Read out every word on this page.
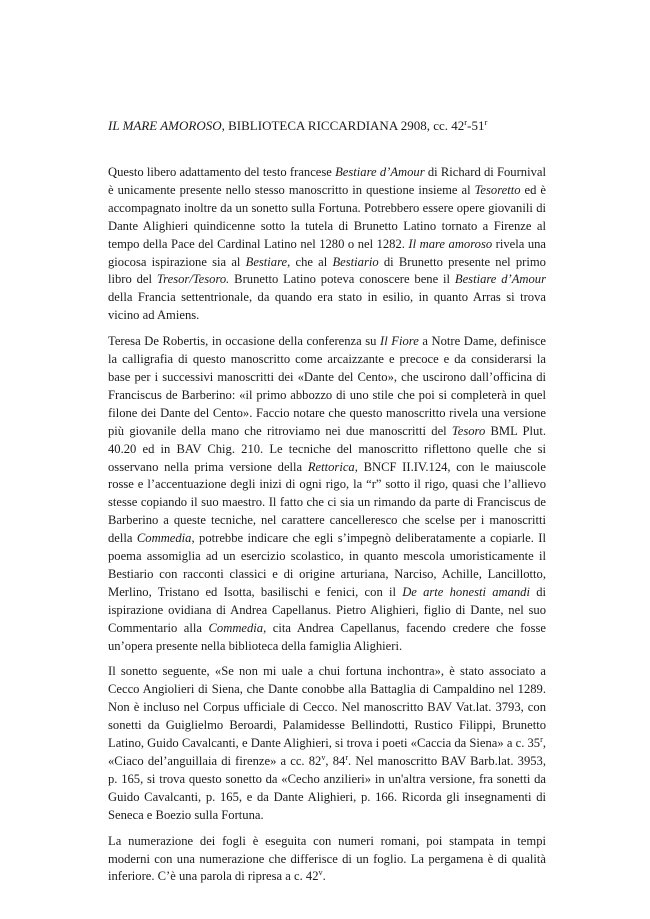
IL MARE AMOROSO, BIBLIOTECA RICCARDIANA 2908, cc. 42$^r$-51$^r$

Questo libero adattamento del testo francese Bestiare d’Amour di Richard di Fournival è unicamente presente nello stesso manoscritto in questione insieme al Tesoretto ed è accompagnato inoltre da un sonetto sulla Fortuna. Potrebbero essere opere giovanili di Dante Alighieri quindicenne sotto la tutela di Brunetto Latino tornato a Firenze al tempo della Pace del Cardinal Latino nel 1280 o nel 1282. Il mare amoroso rivela una giocosa ispirazione sia al Bestiare, che al Bestiario di Brunetto presente nel primo libro del Tresor/Tesoro. Brunetto Latino poteva conoscere bene il Bestiare d’Amour della Francia settentrionale, da quando era stato in esilio, in quanto Arras si trova vicino ad Amiens.

Teresa De Robertis, in occasione della conferenza su Il Fiore a Notre Dame, definisce la calligrafia di questo manoscritto come arcaizzante e precoce e da considerarsi la base per i successivi manoscritti dei «Dante del Cento», che uscirono dall’officina di Franciscus de Barberino: «il primo abbozzo di uno stile che poi si completerà in quel filone dei Dante del Cento». Faccio notare che questo manoscritto rivela una versione più giovanile della mano che ritroviamo nei due manoscritti del Tesoro BML Plut. 40.20 ed in BAV Chig. 210. Le tecniche del manoscritto riflettono quelle che si osservano nella prima versione della Rettorica, BNCF II.IV.124, con le maiuscole rosse e l’accentuazione degli inizi di ogni rigo, la “r” sotto il rigo, quasi che l’allievo stesse copiando il suo maestro. Il fatto che ci sia un rimando da parte di Franciscus de Barberino a queste tecniche, nel carattere cancelleresco che scelse per i manoscritti della Commedia, potrebbe indicare che egli s’impegnò deliberatamente a copiarle. Il poema assomiglia ad un esercizio scolastico, in quanto mescola umoristicamente il Bestiario con racconti classici e di origine arturiana, Narciso, Achille, Lancillotto, Merlino, Tristano ed Isotta, basilischi e fenici, con il De arte honesti amandi di ispirazione ovidiana di Andrea Capellanus. Pietro Alighieri, figlio di Dante, nel suo Commentario alla Commedia, cita Andrea Capellanus, facendo credere che fosse un’opera presente nella biblioteca della famiglia Alighieri.

Il sonetto seguente, «Se non mi uale a chui fortuna inchontra», è stato associato a Cecco Angiolieri di Siena, che Dante conobbe alla Battaglia di Campaldino nel 1289. Non è incluso nel Corpus ufficiale di Cecco. Nel manoscritto BAV Vat.lat. 3793, con sonetti da Guiglielmo Beroardi, Palamidesse Bellindotti, Rustico Filippi, Brunetto Latino, Guido Cavalcanti, e Dante Alighieri, si trova i poeti «Caccia da Siena» a c. 35$^r$, «Ciaco del’anguillaia di firenze» a cc. 82$^v$, 84$^r$. Nel manoscritto BAV Barb.lat. 3953, p. 165, si trova questo sonetto da «Cecho anzilieri» in un'altra versione, fra sonetti da Guido Cavalcanti, p. 165, e da Dante Alighieri, p. 166. Ricorda gli insegnamenti di Seneca e Boezio sulla Fortuna.

La numerazione dei fogli è eseguita con numeri romani, poi stampata in tempi moderni con una numerazione che differisce di un foglio. La pergamena è di qualità inferiore. C’è una parola di ripresa a c. 42$^v$.
